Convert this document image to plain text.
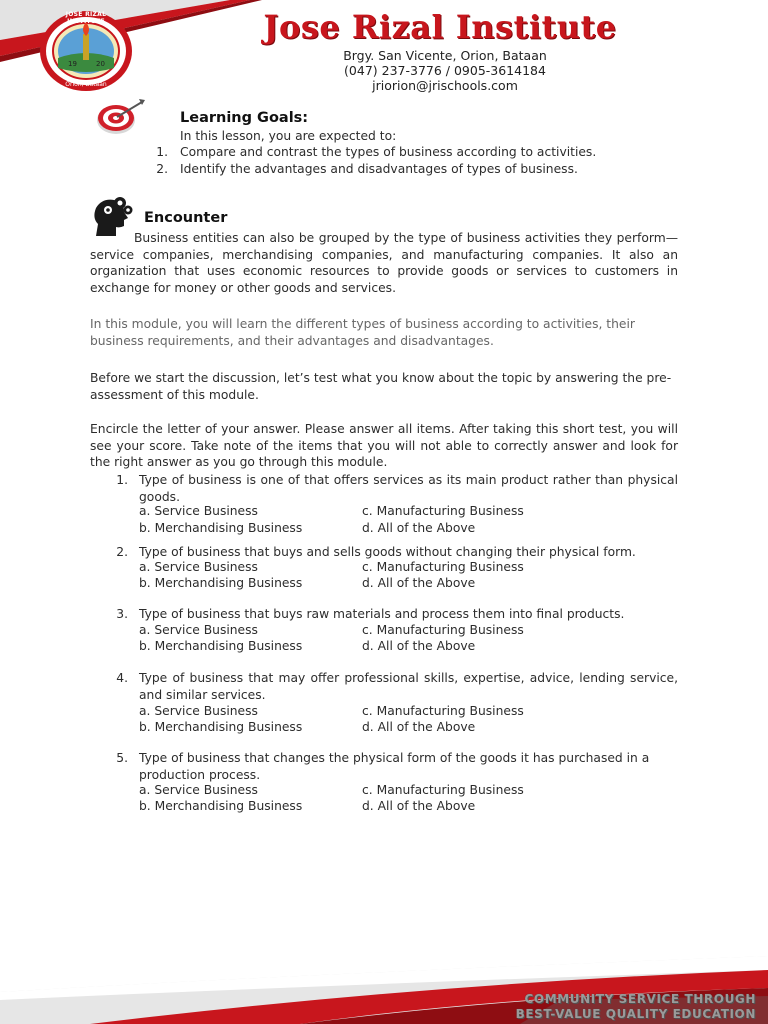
19	20
JOSE RIZAL INSTITUTE
Orion, Bataan
Jose Rizal Institute
Brgy. San Vicente, Orion, Bataan
(047) 237-3776 / 0905-3614184
jriorion@jrischools.com
Learning Goals:
In this lesson, you are expected to:
1. Compare and contrast the types of business according to activities.
2. Identify the advantages and disadvantages of types of business.
Encounter
Business entities can also be grouped by the type of business activities they perform—service companies, merchandising companies, and manufacturing companies. It also an organization that uses economic resources to provide goods or services to customers in exchange for money or other goods and services.
In this module, you will learn the different types of business according to activities, their business requirements, and their advantages and disadvantages.
Before we start the discussion, let’s test what you know about the topic by answering the pre-assessment of this module.
Encircle the letter of your answer. Please answer all items. After taking this short test, you will see your score. Take note of the items that you will not able to correctly answer and look for the right answer as you go through this module.
1. Type of business is one of that offers services as its main product rather than physical goods.
a. Service Business
b. Merchandising Business
c. Manufacturing Business
d. All of the Above
2. Type of business that buys and sells goods without changing their physical form.
a. Service Business
b. Merchandising Business
c. Manufacturing Business
d. All of the Above
3. Type of business that buys raw materials and process them into final products.
a. Service Business
b. Merchandising Business
c. Manufacturing Business
d. All of the Above
4. Type of business that may offer professional skills, expertise, advice, lending service, and similar services.
a. Service Business
b. Merchandising Business
c. Manufacturing Business
d. All of the Above
5. Type of business that changes the physical form of the goods it has purchased in a production process.
a. Service Business
b. Merchandising Business
c. Manufacturing Business
d. All of the Above
COMMUNITY SERVICE THROUGH
BEST-VALUE QUALITY EDUCATION
